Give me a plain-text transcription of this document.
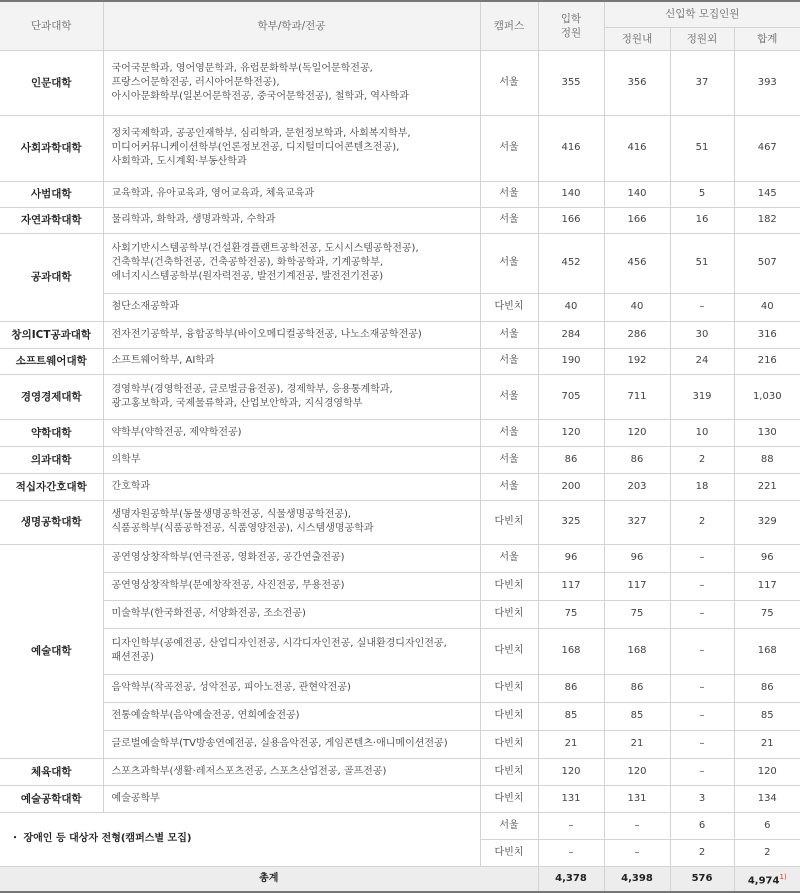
단과대학	학부/학과/전공	캠퍼스	입학
정원	신입학 모집인원		
				정원내	정원외	합계
인문대학	국어국문학과, 영어영문학과, 유럽문화학부(독일어문학전공,
프랑스어문학전공, 러시아어문학전공),
아시아문화학부(일본어문학전공, 중국어문학전공), 철학과, 역사학과	서울	355	356	37	393
사회과학대학	정치국제학과, 공공인재학부, 심리학과, 문헌정보학과, 사회복지학부,
미디어커뮤니케이션학부(언론정보전공, 디지털미디어콘텐츠전공),
사회학과, 도시계획·부동산학과	서울	416	416	51	467
사범대학	교육학과, 유아교육과, 영어교육과, 체육교육과	서울	140	140	5	145
자연과학대학	물리학과, 화학과, 생명과학과, 수학과	서울	166	166	16	182
공과대학	사회기반시스템공학부(건설환경플랜트공학전공, 도시시스템공학전공),
건축학부(건축학전공, 건축공학전공), 화학공학과, 기계공학부,
에너지시스템공학부(원자력전공, 발전기계전공, 발전전기전공)	서울	452	456	51	507
	첨단소재공학과	다빈치	40	40	–	40
창의ICT공과대학	전자전기공학부, 융합공학부(바이오메디컬공학전공, 나노소재공학전공)	서울	284	286	30	316
소프트웨어대학	소프트웨어학부, AI학과	서울	190	192	24	216
경영경제대학	경영학부(경영학전공, 글로벌금융전공), 경제학부, 응용통계학과,
광고홍보학과, 국제물류학과, 산업보안학과, 지식경영학부	서울	705	711	319	1,030
약학대학	약학부(약학전공, 제약학전공)	서울	120	120	10	130
의과대학	의학부	서울	86	86	2	88
적십자간호대학	간호학과	서울	200	203	18	221
생명공학대학	생명자원공학부(동물생명공학전공, 식물생명공학전공),
식품공학부(식품공학전공, 식품영양전공), 시스템생명공학과	다빈치	325	327	2	329
예술대학	공연영상창작학부(연극전공, 영화전공, 공간연출전공)	서울	96	96	–	96
	공연영상창작학부(문예창작전공, 사진전공, 무용전공)	다빈치	117	117	–	117
	미술학부(한국화전공, 서양화전공, 조소전공)	다빈치	75	75	–	75
	디자인학부(공예전공, 산업디자인전공, 시각디자인전공, 실내환경디자인전공,
패션전공)	다빈치	168	168	–	168
	음악학부(작곡전공, 성악전공, 피아노전공, 관현악전공)	다빈치	86	86	–	86
	전통예술학부(음악예술전공, 연희예술전공)	다빈치	85	85	–	85
	글로벌예술학부(TV방송연예전공, 실용음악전공, 게임콘텐츠·애니메이션전공)	다빈치	21	21	–	21
체육대학	스포츠과학부(생활·레저스포츠전공, 스포츠산업전공, 골프전공)	다빈치	120	120	–	120
예술공학대학	예술공학부	다빈치	131	131	3	134
・ 장애인 등 대상자 전형(캠퍼스별 모집)		서울	–	–	6	6
		다빈치	–	–	2	2
총계			4,378	4,398	576	4,974$^{1)}$
